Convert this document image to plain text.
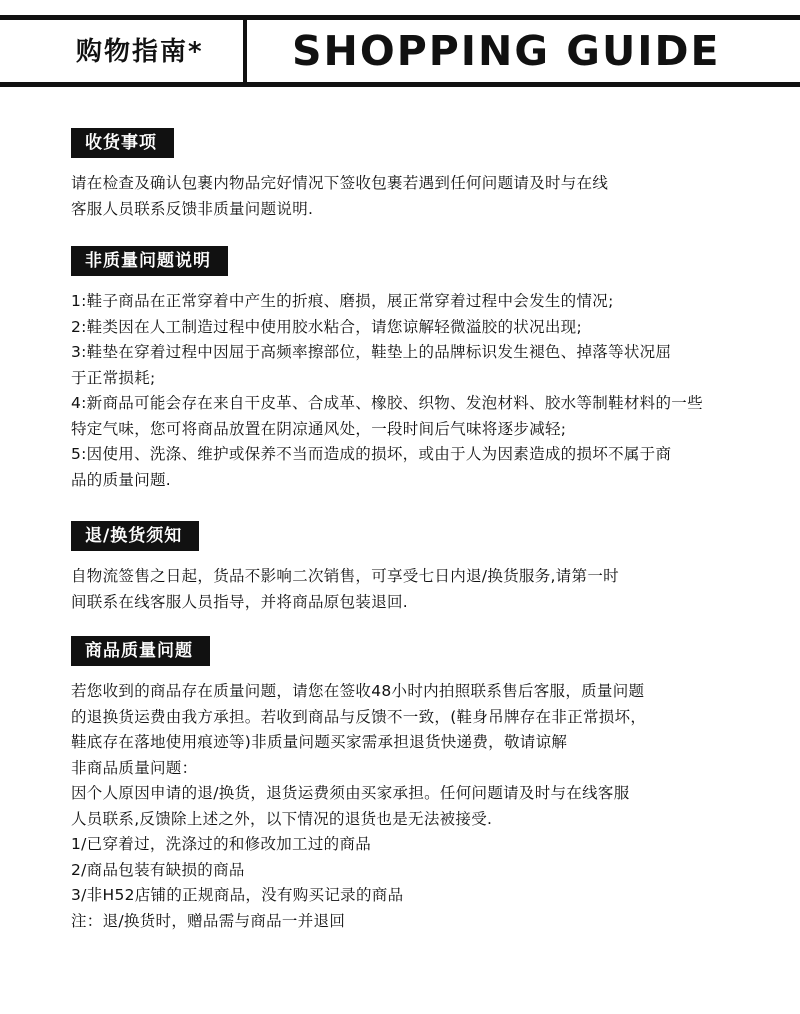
购物指南* SHOPPING GUIDE
收货事项
请在检查及确认包裹内物品完好情况下签收包裹若遇到任何问题请及时与在线
客服人员联系反馈非质量问题说明.
非质量问题说明
1:鞋子商品在正常穿着中产生的折痕、磨损，展正常穿着过程中会发生的情况;
2:鞋类因在人工制造过程中使用胶水粘合，请您谅解轻微溢胶的状况出现;
3:鞋垫在穿着过程中因屈于高频率擦部位，鞋垫上的品牌标识发生褪色、掉落等状况屈
于正常损耗;
4:新商品可能会存在来自干皮革、合成革、橡胶、织物、发泡材料、胶水等制鞋材料的一些
特定气味，您可将商品放置在阴凉通风处，一段时间后气味将逐步减轻;
5:因使用、洗涤、维护或保养不当而造成的损坏，或由于人为因素造成的损坏不属于商
品的质量问题.
退/换货须知
自物流签售之日起，货品不影响二次销售，可享受七日内退/换货服务,请第一时
间联系在线客服人员指导，并将商品原包装退回.
商品质量问题
若您收到的商品存在质量问题，请您在签收48小时内拍照联系售后客服，质量问题
的退换货运费由我方承担。若收到商品与反馈不一致，(鞋身吊牌存在非正常损坏，
鞋底存在落地使用痕迹等)非质量问题买家需承担退货快递费，敬请谅解
非商品质量问题：
因个人原因申请的退/换货，退货运费须由买家承担。任何问题请及时与在线客服
人员联系,反馈除上述之外，以下情况的退货也是无法被接受.
1/已穿着过，洗涤过的和修改加工过的商品
2/商品包装有缺损的商品
3/非H52店铺的正规商品，没有购买记录的商品
注：退/换货时，赠品需与商品一并退回
